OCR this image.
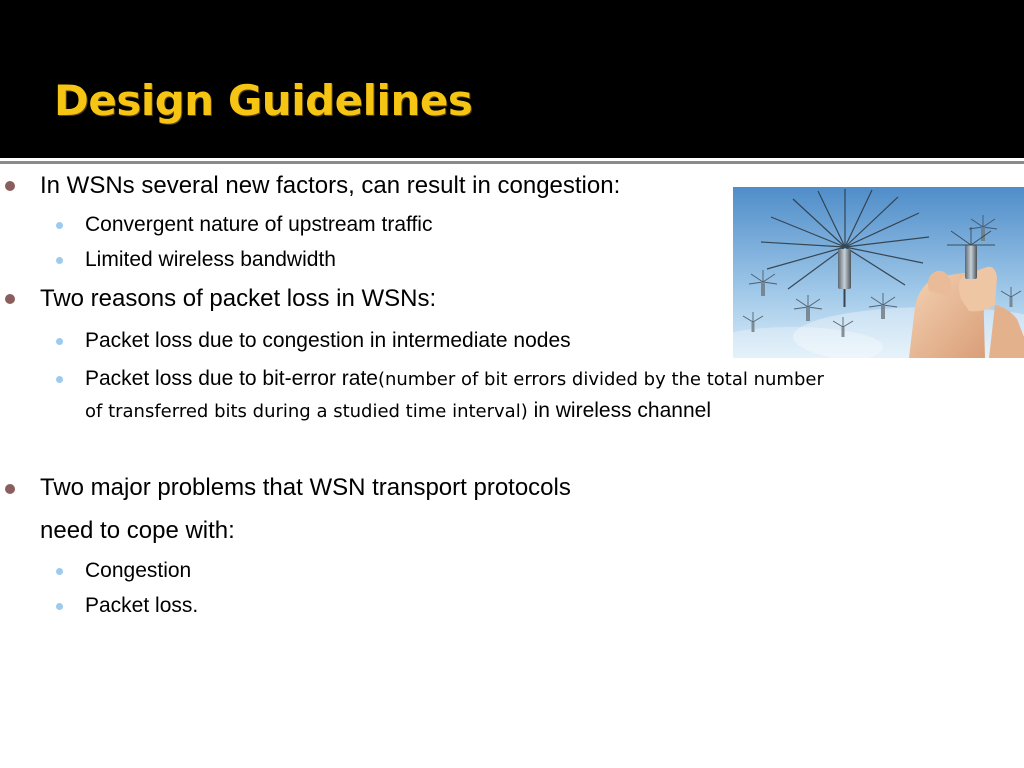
Design Guidelines
In WSNs several new factors, can result in congestion:
Convergent nature of upstream traffic
Limited wireless bandwidth
Two reasons of packet loss in WSNs:
Packet loss due to congestion in intermediate nodes
Packet loss due to bit-error rate(number of bit errors divided by the total number of transferred bits during a studied time interval) in wireless channel
Two major problems that WSN transport protocols
need to cope with:
Congestion
Packet loss.
